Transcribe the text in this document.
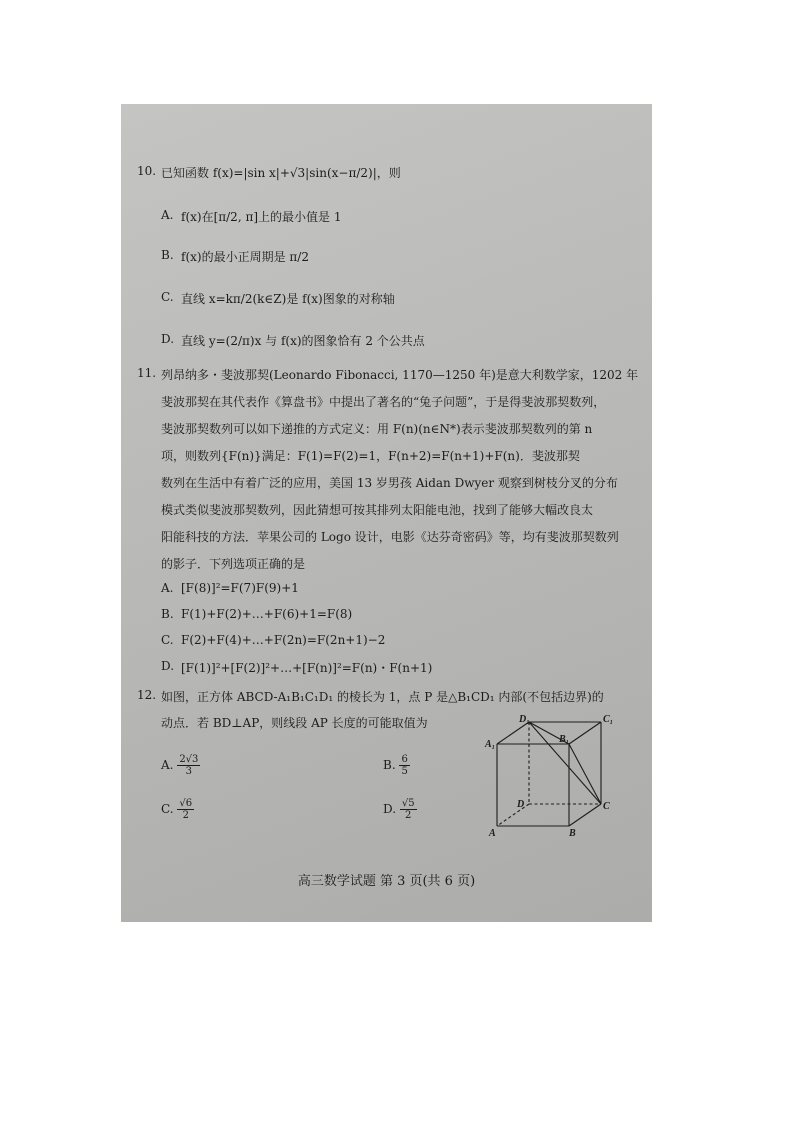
10. 已知函数 f(x)=|sin x|+√3|sin(x−π/2)|，则
A. f(x)在[π/2, π]上的最小值是 1
B. f(x)的最小正周期是 π/2
C. 直线 x=kπ/2(k∈Z)是 f(x)图象的对称轴
D. 直线 y=(2/π)x 与 f(x)的图象恰有 2 个公共点
11. 列昂纳多・斐波那契(Leonardo Fibonacci, 1170—1250 年)是意大利数学家，1202 年
斐波那契在其代表作《算盘书》中提出了著名的“兔子问题”，于是得斐波那契数列，
斐波那契数列可以如下递推的方式定义：用 F(n)(n∈N*)表示斐波那契数列的第 n
项，则数列{F(n)}满足：F(1)=F(2)=1，F(n+2)=F(n+1)+F(n)．斐波那契
数列在生活中有着广泛的应用，美国 13 岁男孩 Aidan Dwyer 观察到树枝分叉的分布
模式类似斐波那契数列，因此猜想可按其排列太阳能电池，找到了能够大幅改良太
阳能科技的方法．苹果公司的 Logo 设计，电影《达芬奇密码》等，均有斐波那契数列
的影子．下列选项正确的是
A. [F(8)]²=F(7)F(9)+1
B. F(1)+F(2)+…+F(6)+1=F(8)
C. F(2)+F(4)+…+F(2n)=F(2n+1)−2
D. [F(1)]²+[F(2)]²+…+[F(n)]²=F(n)・F(n+1)
12. 如图，正方体 ABCD-A₁B₁C₁D₁ 的棱长为 1，点 P 是△B₁CD₁ 内部(不包括边界)的
动点．若 BD⊥AP，则线段 AP 长度的可能取值为
A. $\frac{2√3}{3}$	B. $\frac{6}{5}$
C. $\frac{√6}{2}$	D. $\frac{√5}{2}$
D₁	C₁
B₁
A₁
D	C
A	B
高三数学试题 第 3 页(共 6 页)
